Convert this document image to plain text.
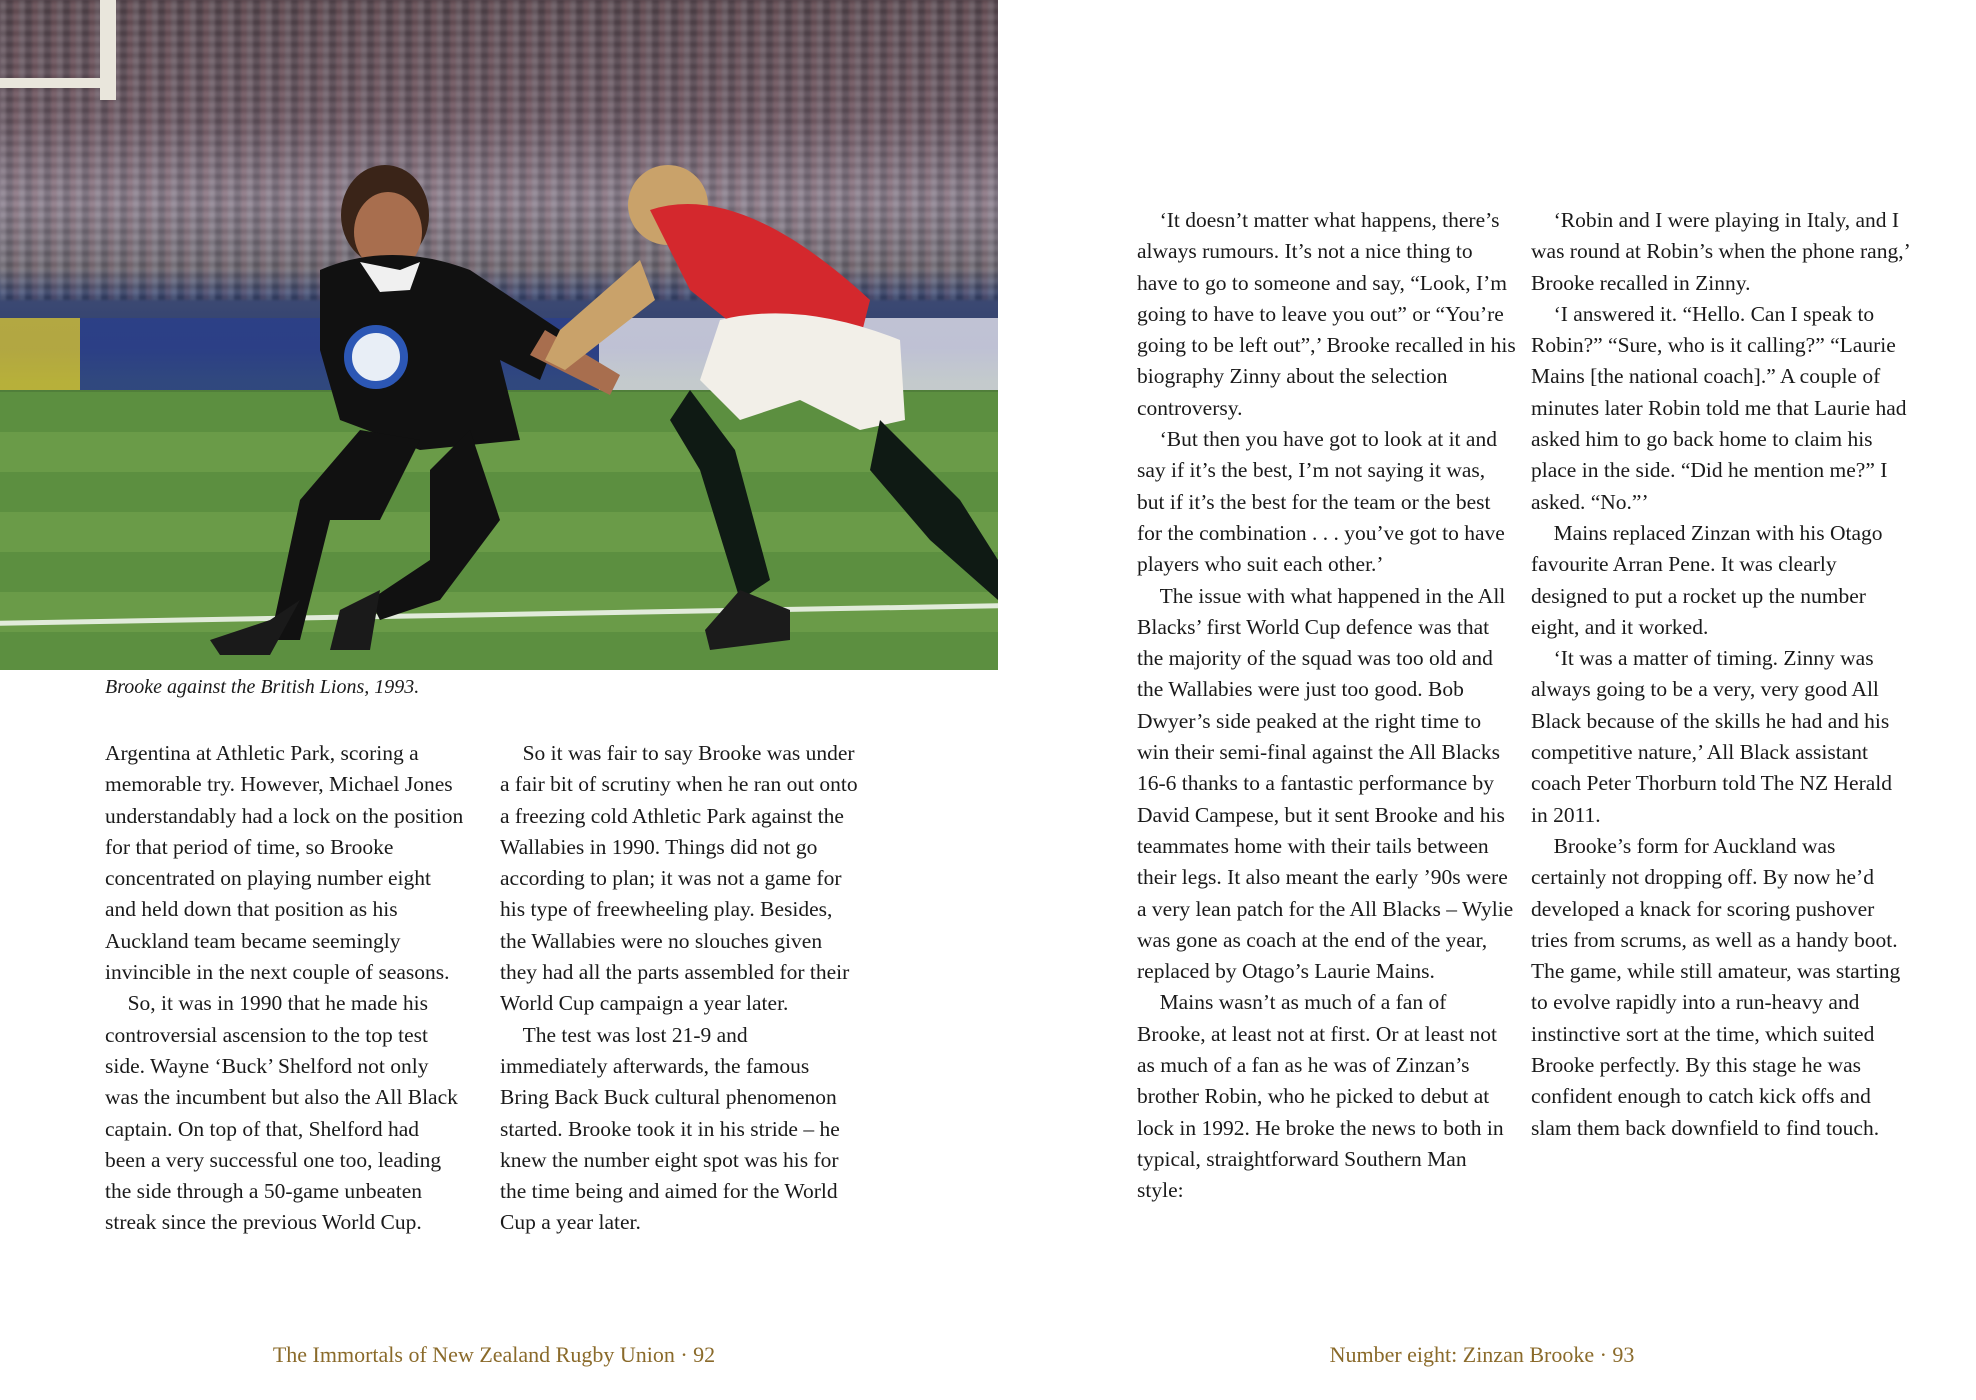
Brooke against the British Lions, 1993.

Argentina at Athletic Park, scoring a memorable try. However, Michael Jones understandably had a lock on the position for that period of time, so Brooke concentrated on playing number eight and held down that position as his Auckland team became seemingly invincible in the next couple of seasons.

So, it was in 1990 that he made his controversial ascension to the top test side. Wayne ‘Buck’ Shelford not only was the incumbent but also the All Black captain. On top of that, Shelford had been a very successful one too, leading the side through a 50-game unbeaten streak since the previous World Cup.

So it was fair to say Brooke was under a fair bit of scrutiny when he ran out onto a freezing cold Athletic Park against the Wallabies in 1990. Things did not go according to plan; it was not a game for his type of freewheeling play. Besides, the Wallabies were no slouches given they had all the parts assembled for their World Cup campaign a year later.

The test was lost 21-9 and immediately afterwards, the famous Bring Back Buck cultural phenomenon started. Brooke took it in his stride – he knew the number eight spot was his for the time being and aimed for the World Cup a year later.

The Immortals of New Zealand Rugby Union · 92

‘It doesn’t matter what happens, there’s always rumours. It’s not a nice thing to have to go to someone and say, “Look, I’m going to have to leave you out” or “You’re going to be left out”,’ Brooke recalled in his biography Zinny about the selection controversy.

‘But then you have got to look at it and say if it’s the best, I’m not saying it was, but if it’s the best for the team or the best for the combination . . . you’ve got to have players who suit each other.’

The issue with what happened in the All Blacks’ first World Cup defence was that the majority of the squad was too old and the Wallabies were just too good. Bob Dwyer’s side peaked at the right time to win their semi-final against the All Blacks 16-6 thanks to a fantastic performance by David Campese, but it sent Brooke and his teammates home with their tails between their legs. It also meant the early ’90s were a very lean patch for the All Blacks – Wylie was gone as coach at the end of the year, replaced by Otago’s Laurie Mains.

Mains wasn’t as much of a fan of Brooke, at least not at first. Or at least not as much of a fan as he was of Zinzan’s brother Robin, who he picked to debut at lock in 1992. He broke the news to both in typical, straightforward Southern Man style:

‘Robin and I were playing in Italy, and I was round at Robin’s when the phone rang,’ Brooke recalled in Zinny.

‘I answered it. “Hello. Can I speak to Robin?” “Sure, who is it calling?” “Laurie Mains [the national coach].” A couple of minutes later Robin told me that Laurie had asked him to go back home to claim his place in the side. “Did he mention me?” I asked. “No.”’

Mains replaced Zinzan with his Otago favourite Arran Pene. It was clearly designed to put a rocket up the number eight, and it worked.

‘It was a matter of timing. Zinny was always going to be a very, very good All Black because of the skills he had and his competitive nature,’ All Black assistant coach Peter Thorburn told The NZ Herald in 2011.

Brooke’s form for Auckland was certainly not dropping off. By now he’d developed a knack for scoring pushover tries from scrums, as well as a handy boot. The game, while still amateur, was starting to evolve rapidly into a run-heavy and instinctive sort at the time, which suited Brooke perfectly. By this stage he was confident enough to catch kick offs and slam them back downfield to find touch.

Number eight: Zinzan Brooke · 93
